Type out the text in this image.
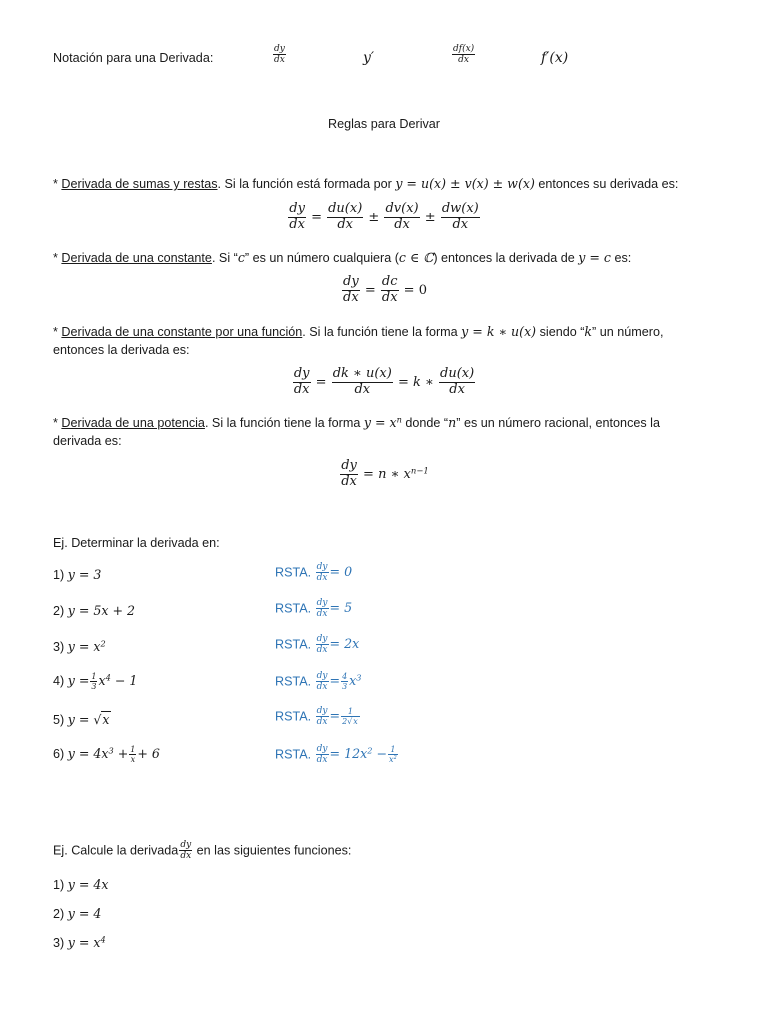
Notación para una Derivada:	$\frac{dy}{dx}$	y′	$\frac{df(x)}{dx}$	f′(x)
Reglas para Derivar
* Derivada de sumas y restas. Si la función está formada por y = u(x) ± v(x) ± w(x) entonces su derivada es:
$\frac{dy}{dx} = \frac{du(x)}{dx} \pm \frac{dv(x)}{dx} \pm \frac{dw(x)}{dx}$
* Derivada de una constante. Si “c” es un número cualquiera (c ∈ ℂ) entonces la derivada de y = c es:
$\frac{dy}{dx} = \frac{dc}{dx} = 0$
* Derivada de una constante por una función. Si la función tiene la forma y = k ∗ u(x) siendo “k” un número,
entonces la derivada es:
$\frac{dy}{dx} = \frac{dk ∗ u(x)}{dx} = k$ ∗ $\frac{du(x)}{dx}$
* Derivada de una potencia. Si la función tiene la forma $y = x^n$ donde “n” es un número racional, entonces la
derivada es:
$\frac{dy}{dx} = n$ ∗ $x^{n-1}$
Ej. Determinar la derivada en:
1) y = 3	RSTA. $\frac{dy}{dx} = 0$
2) y = 5x + 2	RSTA. $\frac{dy}{dx} = 5$
3) $y = x^2$	RSTA. $\frac{dy}{dx} = 2x$
4) $y = \frac{1}{3} x^4 - 1$	RSTA. $\frac{dy}{dx} = \frac{4}{3} x^3$
5) y = √x	RSTA. $\frac{dy}{dx} = \frac{1}{2√x}$
6) $y = 4x^3 + \frac{1}{x} + 6$	RSTA. $\frac{dy}{dx} = 12x^2 - \frac{1}{x^2}$
Ej. Calcule la derivada $\frac{dy}{dx}$ en las siguientes funciones:
1) y = 4x
2) y = 4
3) $y = x^4$
